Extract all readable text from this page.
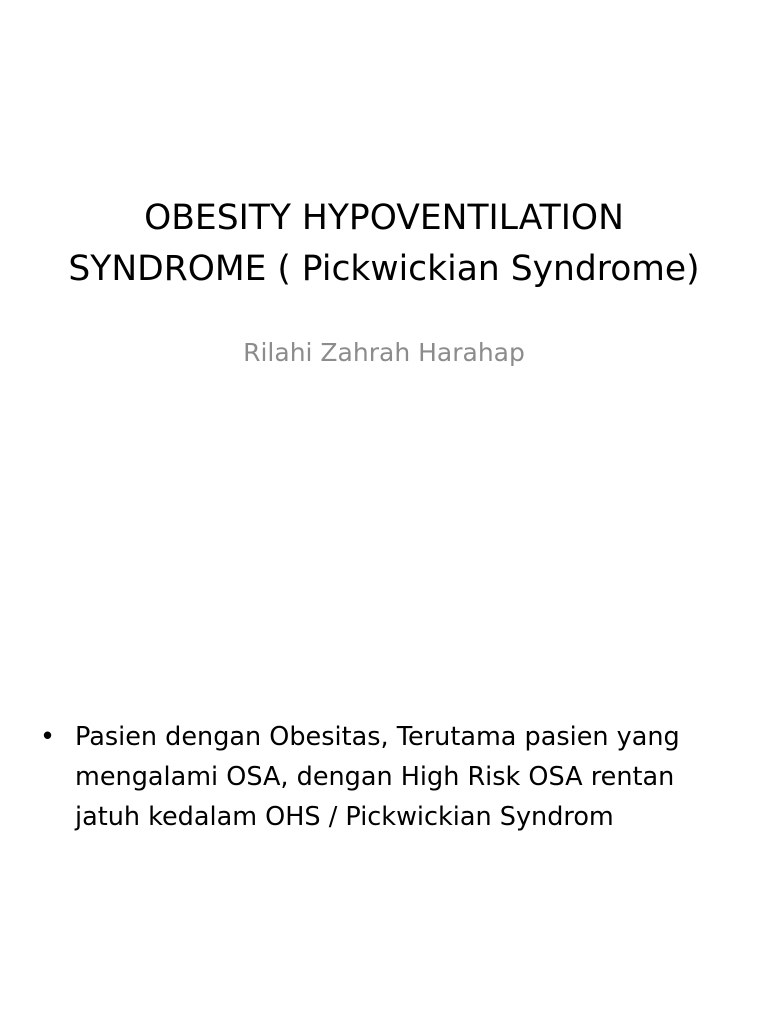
OBESITY HYPOVENTILATION
SYNDROME ( Pickwickian Syndrome)

Rilahi Zahrah Harahap

• Pasien dengan Obesitas, Terutama pasien yang
mengalami OSA, dengan High Risk OSA rentan
jatuh kedalam OHS / Pickwickian Syndrom
